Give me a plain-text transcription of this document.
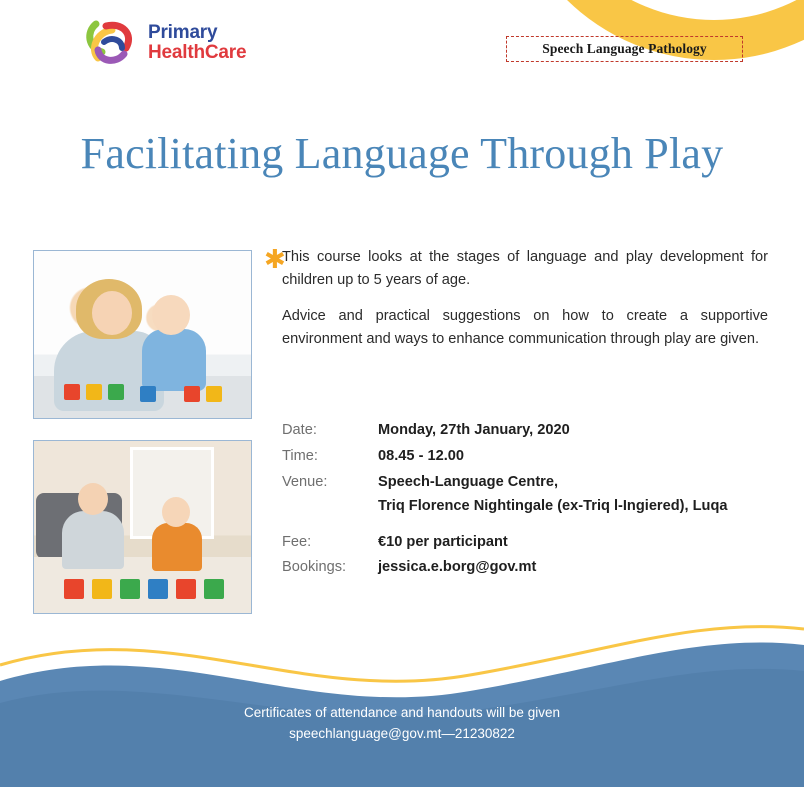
Primary
HealthCare	Speech Language Pathology
Facilitating Language Through Play
✱

This course looks at the stages of language and play development for children up to 5 years of age.

Advice and practical suggestions on how to create a supportive environment and ways to enhance communication through play are given.

Date:	Monday, 27th January, 2020
Time:	08.45 - 12.00
Venue:	Speech-Language Centre,
Triq Florence Nightingale (ex-Triq l-Ingiered), Luqa
Fee:	€10 per participant
Bookings:	jessica.e.borg@gov.mt
Certificates of attendance and handouts will be given
speechlanguage@gov.mt—21230822
